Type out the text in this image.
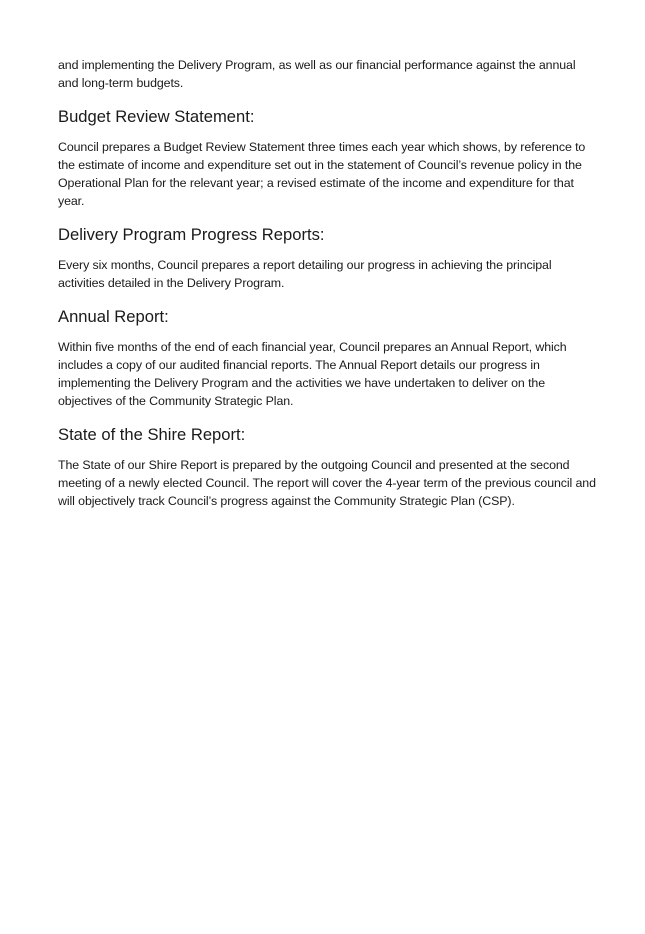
and implementing the Delivery Program, as well as our financial performance against the annual and long-term budgets.

Budget Review Statement:

Council prepares a Budget Review Statement three times each year which shows, by reference to the estimate of income and expenditure set out in the statement of Council’s revenue policy in the Operational Plan for the relevant year; a revised estimate of the income and expenditure for that year.

Delivery Program Progress Reports:

Every six months, Council prepares a report detailing our progress in achieving the principal activities detailed in the Delivery Program.

Annual Report:

Within five months of the end of each financial year, Council prepares an Annual Report, which includes a copy of our audited financial reports. The Annual Report details our progress in implementing the Delivery Program and the activities we have undertaken to deliver on the objectives of the Community Strategic Plan.

State of the Shire Report:

The State of our Shire Report is prepared by the outgoing Council and presented at the second meeting of a newly elected Council. The report will cover the 4-year term of the previous council and will objectively track Council’s progress against the Community Strategic Plan (CSP).
